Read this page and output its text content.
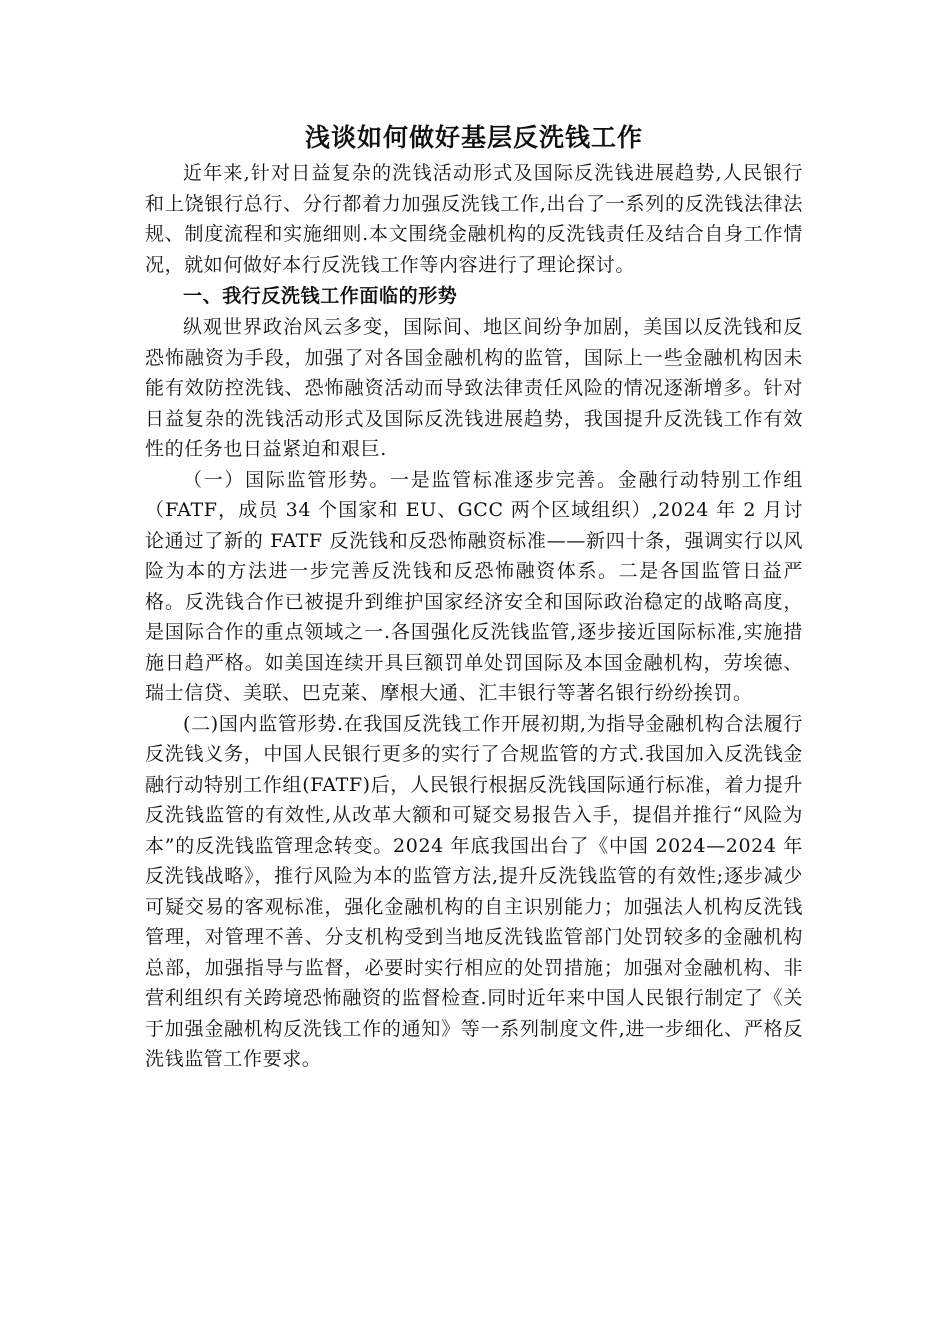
浅谈如何做好基层反洗钱工作

近年来,针对日益复杂的洗钱活动形式及国际反洗钱进展趋势,人民银行和上饶银行总行、分行都着力加强反洗钱工作,出台了一系列的反洗钱法律法规、制度流程和实施细则.本文围绕金融机构的反洗钱责任及结合自身工作情况，就如何做好本行反洗钱工作等内容进行了理论探讨。

一、我行反洗钱工作面临的形势

纵观世界政治风云多变，国际间、地区间纷争加剧，美国以反洗钱和反恐怖融资为手段，加强了对各国金融机构的监管，国际上一些金融机构因未能有效防控洗钱、恐怖融资活动而导致法律责任风险的情况逐渐增多。针对日益复杂的洗钱活动形式及国际反洗钱进展趋势，我国提升反洗钱工作有效性的任务也日益紧迫和艰巨.

（一）国际监管形势。一是监管标准逐步完善。金融行动特别工作组（FATF，成员 34 个国家和 EU、GCC 两个区域组织）,2024 年 2 月讨论通过了新的 FATF 反洗钱和反恐怖融资标准——新四十条，强调实行以风险为本的方法进一步完善反洗钱和反恐怖融资体系。二是各国监管日益严格。反洗钱合作已被提升到维护国家经济安全和国际政治稳定的战略高度，是国际合作的重点领域之一.各国强化反洗钱监管,逐步接近国际标准,实施措施日趋严格。如美国连续开具巨额罚单处罚国际及本国金融机构，劳埃德、瑞士信贷、美联、巴克莱、摩根大通、汇丰银行等著名银行纷纷挨罚。

(二)国内监管形势.在我国反洗钱工作开展初期,为指导金融机构合法履行反洗钱义务，中国人民银行更多的实行了合规监管的方式.我国加入反洗钱金融行动特别工作组(FATF)后，人民银行根据反洗钱国际通行标准，着力提升反洗钱监管的有效性,从改革大额和可疑交易报告入手，提倡并推行“风险为本”的反洗钱监管理念转变。2024 年底我国出台了《中国 2024—2024 年反洗钱战略》，推行风险为本的监管方法,提升反洗钱监管的有效性;逐步减少可疑交易的客观标准，强化金融机构的自主识别能力；加强法人机构反洗钱管理，对管理不善、分支机构受到当地反洗钱监管部门处罚较多的金融机构总部，加强指导与监督，必要时实行相应的处罚措施；加强对金融机构、非营利组织有关跨境恐怖融资的监督检查.同时近年来中国人民银行制定了《关于加强金融机构反洗钱工作的通知》等一系列制度文件,进一步细化、严格反洗钱监管工作要求。
